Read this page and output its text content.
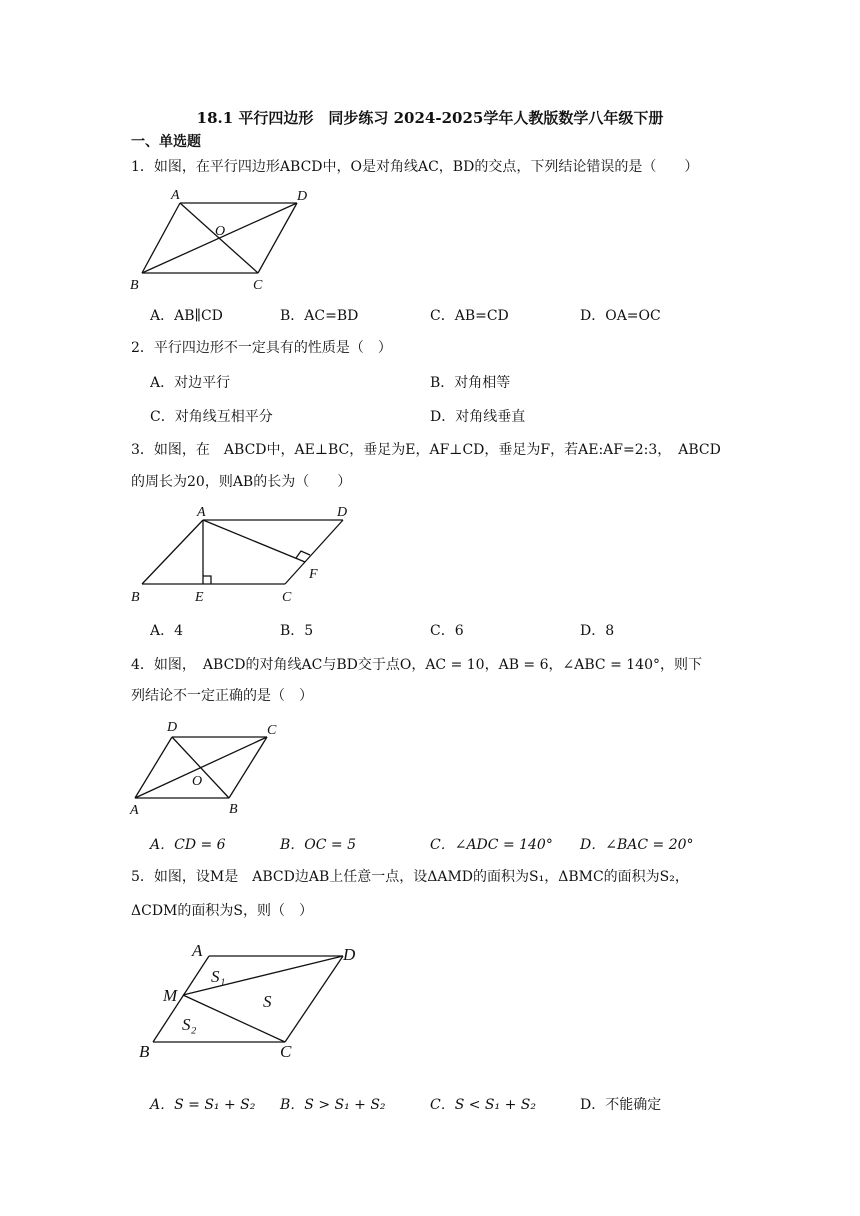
18.1 平行四边形　同步练习 2024-2025学年人教版数学八年级下册
一、单选题
1．如图，在平行四边形ABCD中，O是对角线AC，BD的交点，下列结论错误的是（　　）
A	D
O
B	C
A．AB∥CD	B．AC=BD	C．AB=CD	D．OA=OC
2．平行四边形不一定具有的性质是（　）
A．对边平行	B．对角相等
C．对角线互相平分	D．对角线垂直
3．如图，在　ABCD中，AE⊥BC，垂足为E，AF⊥CD，垂足为F，若AE:AF=2:3，　ABCD
的周长为20，则AB的长为（　　）
A	D
F
B	E	C
A．4	B．5	C．6	D．8
4．如图，　ABCD的对角线AC与BD交于点O，AC = 10，AB = 6，∠ABC = 140°，则下
列结论不一定正确的是（　）
D	C
O
A	B
A．CD = 6	B．OC = 5	C．∠ADC = 140° D．∠BAC = 20°
5．如图，设M是　ABCD边AB上任意一点，设ΔAMD的面积为S₁，ΔBMC的面积为S₂，
ΔCDM的面积为S，则（　）
A	D
S₁
M	S
S₂
B	C
A．S = S₁ + S₂ B．S > S₁ + S₂	C．S < S₁ + S₂	D．不能确定
